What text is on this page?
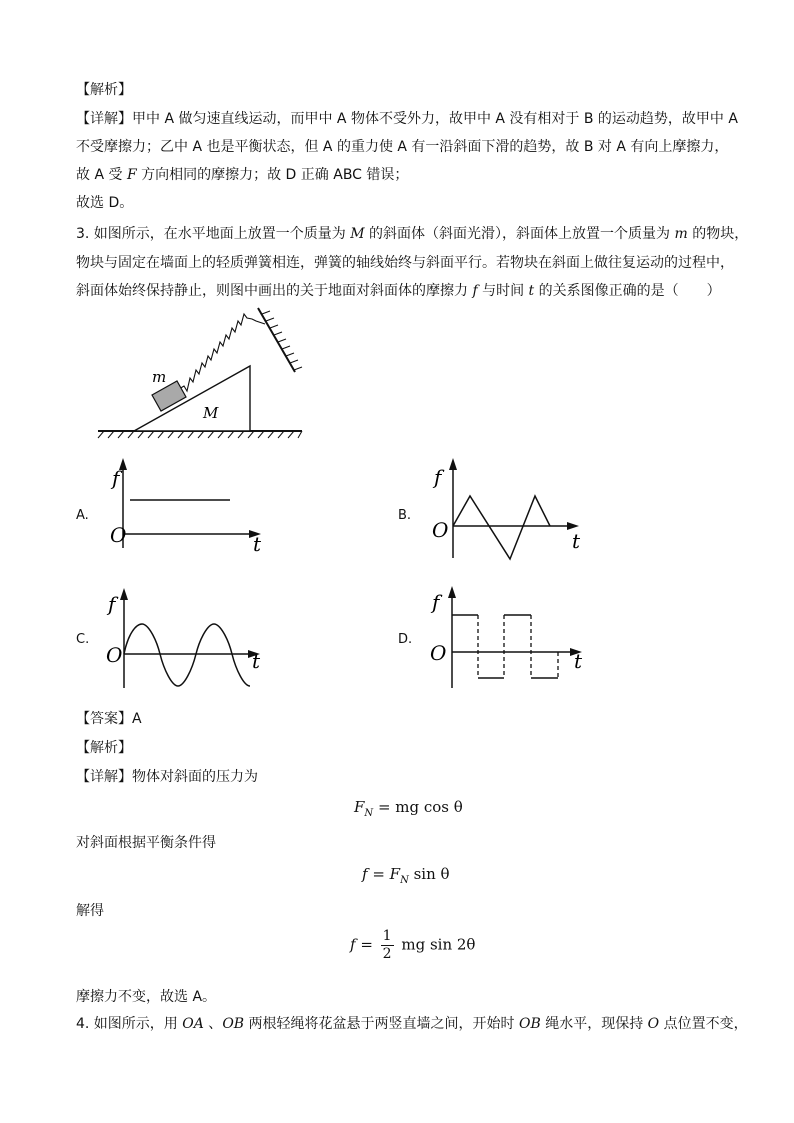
【解析】
【详解】甲中 A 做匀速直线运动，而甲中 A 物体不受外力，故甲中 A 没有相对于 B 的运动趋势，故甲中 A
不受摩擦力；乙中 A 也是平衡状态，但 A 的重力使 A 有一沿斜面下滑的趋势，故 B 对 A 有向上摩擦力，
故 A 受 F 方向相同的摩擦力；故 D 正确 ABC 错误；
故选 D。
3. 如图所示，在水平地面上放置一个质量为 M 的斜面体（斜面光滑），斜面体上放置一个质量为 m 的物块，
物块与固定在墙面上的轻质弹簧相连，弹簧的轴线始终与斜面平行。若物块在斜面上做往复运动的过程中，
斜面体始终保持静止，则图中画出的关于地面对斜面体的摩擦力 f 与时间 t 的关系图像正确的是（　　）
m
M
A.
f
O	t
B.
f
O	t
C.
f
O	t
D.
f
O	t
【答案】A
【解析】
【详解】物体对斜面的压力为
$F_N$ = mg cos θ
对斜面根据平衡条件得
$f = F_N$ sin θ
解得
$f = \frac{1}{2}$ mg sin 2θ
摩擦力不变，故选 A。
4. 如图所示，用 OA 、OB 两根轻绳将花盆悬于两竖直墙之间，开始时 OB 绳水平，现保持 O 点位置不变，
